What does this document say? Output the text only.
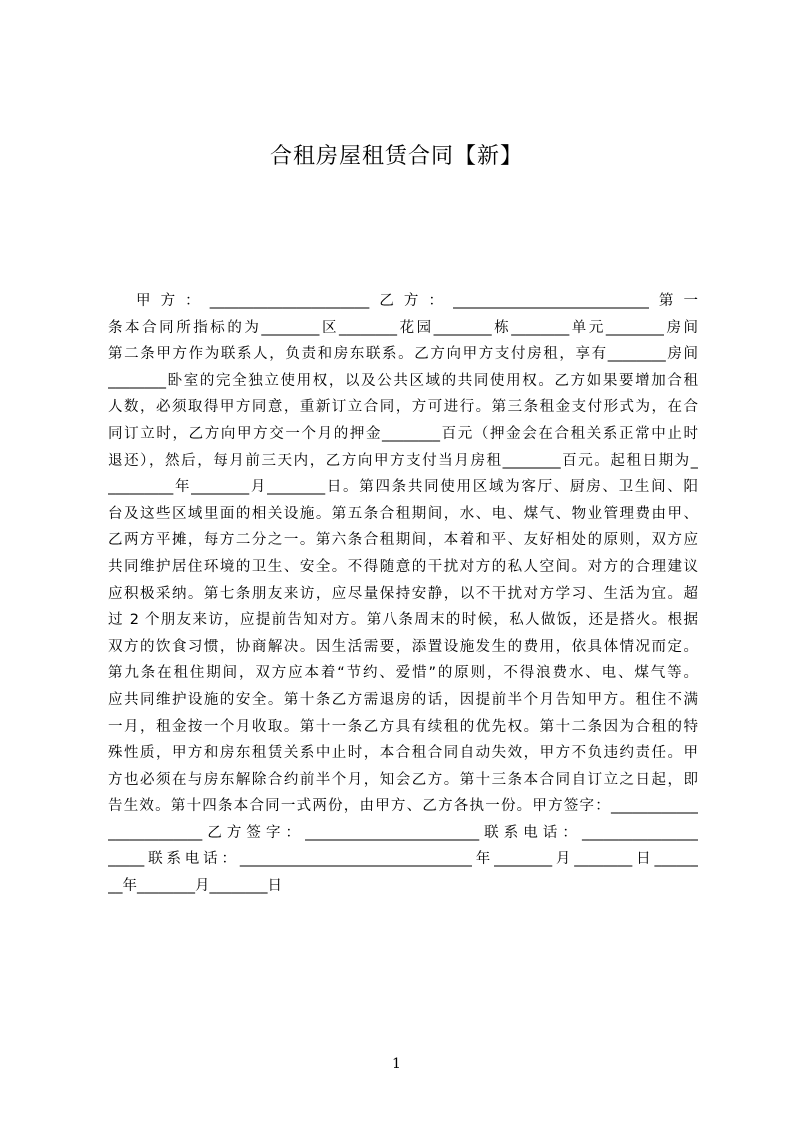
合租房屋租赁合同【新】
甲方：______________________乙方：___________________________第一
条本合同所指标的为________区________花园________栋________单元________房间
第二条甲方作为联系人，负责和房东联系。乙方向甲方支付房租，享有________房间
________卧室的完全独立使用权，以及公共区域的共同使用权。乙方如果要增加合租
人数，必须取得甲方同意，重新订立合同，方可进行。第三条租金支付形式为，在合
同订立时，乙方向甲方交一个月的押金________百元（押金会在合租关系正常中止时
退还），然后，每月前三天内，乙方向甲方支付当月房租________百元。起租日期为_
_________年________月________日。第四条共同使用区域为客厅、厨房、卫生间、阳
台及这些区域里面的相关设施。第五条合租期间，水、电、煤气、物业管理费由甲、
乙两方平摊，每方二分之一。第六条合租期间，本着和平、友好相处的原则，双方应
共同维护居住环境的卫生、安全。不得随意的干扰对方的私人空间。对方的合理建议
应积极采纳。第七条朋友来访，应尽量保持安静，以不干扰对方学习、生活为宜。超
过 2 个朋友来访，应提前告知对方。第八条周末的时候，私人做饭，还是搭火。根据
双方的饮食习惯，协商解决。因生活需要，添置设施发生的费用，依具体情况而定。
第九条在租住期间，双方应本着“节约、爱惜”的原则，不得浪费水、电、煤气等。
应共同维护设施的安全。第十条乙方需退房的话，因提前半个月告知甲方。租住不满
一月，租金按一个月收取。第十一条乙方具有续租的优先权。第十二条因为合租的特
殊性质，甲方和房东租赁关系中止时，本合租合同自动失效，甲方不负违约责任。甲
方也必须在与房东解除合约前半个月，知会乙方。第十三条本合同自订立之日起，即
告生效。第十四条本合同一式两份，由甲方、乙方各执一份。甲方签字：____________
_____________乙方签字：________________________联系电话：________________
_____联系电话：________________________________年________月________日______
__年________月________日
1
